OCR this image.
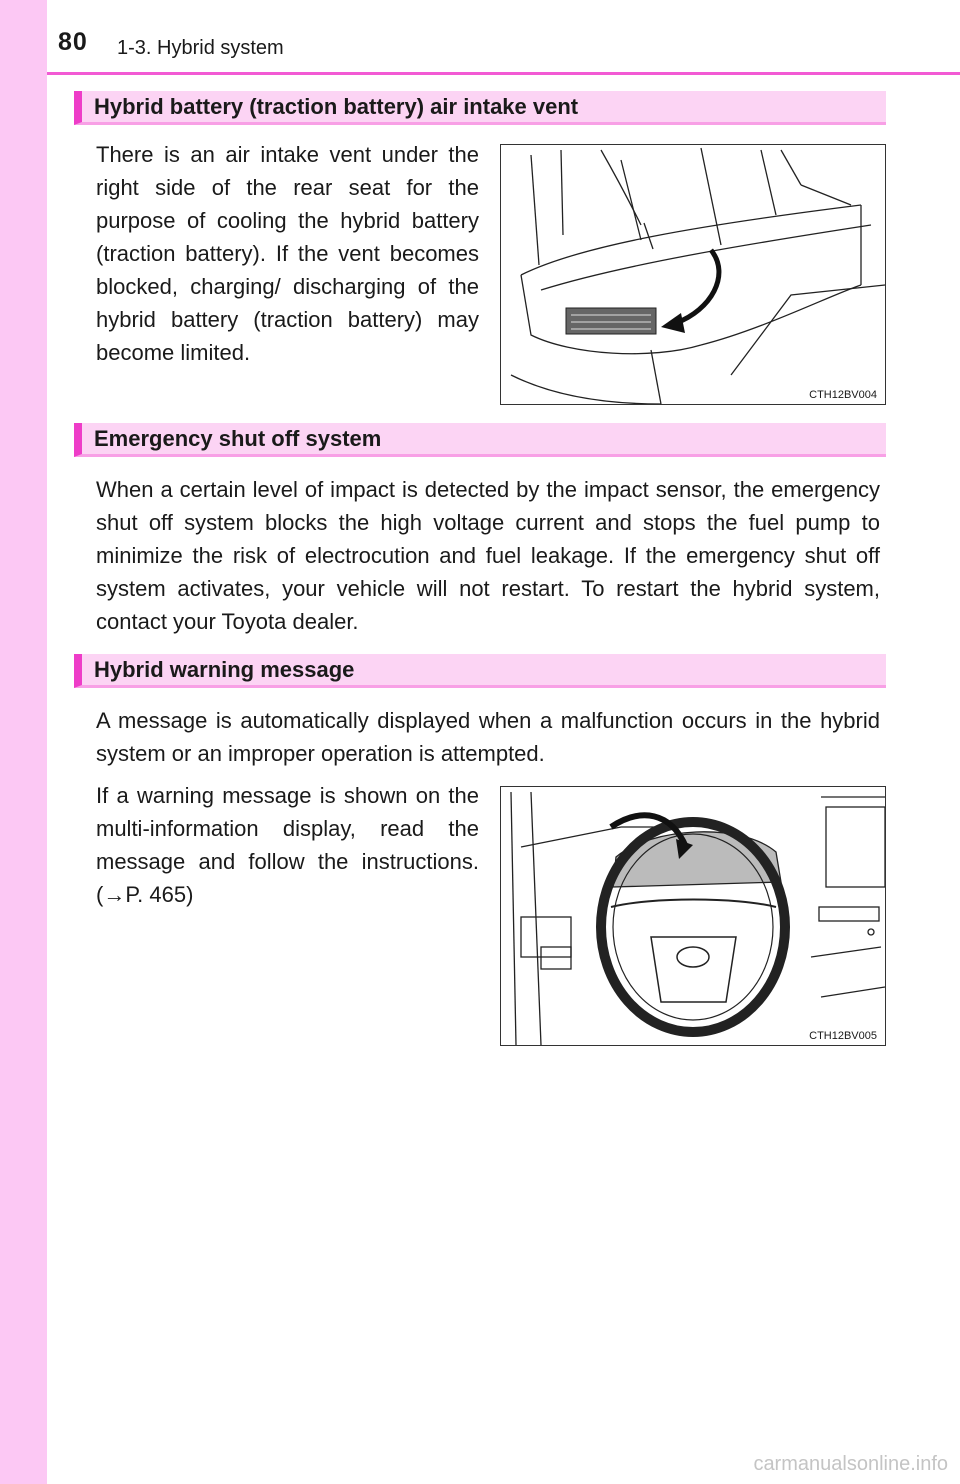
80 1-3. Hybrid system
Hybrid battery (traction battery) air intake vent

There is an air intake vent under the right side of the rear seat for the purpose of cooling the hybrid battery (traction battery). If the vent becomes blocked, charging/ discharging of the hybrid battery (traction battery) may become limited.

CTH12BV004
Emergency shut off system

When a certain level of impact is detected by the impact sensor, the emergency shut off system blocks the high voltage current and stops the fuel pump to minimize the risk of electrocution and fuel leakage. If the emergency shut off system activates, your vehicle will not restart. To restart the hybrid system, contact your Toyota dealer.

Hybrid warning message

A message is automatically displayed when a malfunction occurs in the hybrid system or an improper operation is attempted.

If a warning message is shown on the multi-information display, read the message and follow the instructions. (→P. 465)

CTH12BV005
carmanualsonline.info
